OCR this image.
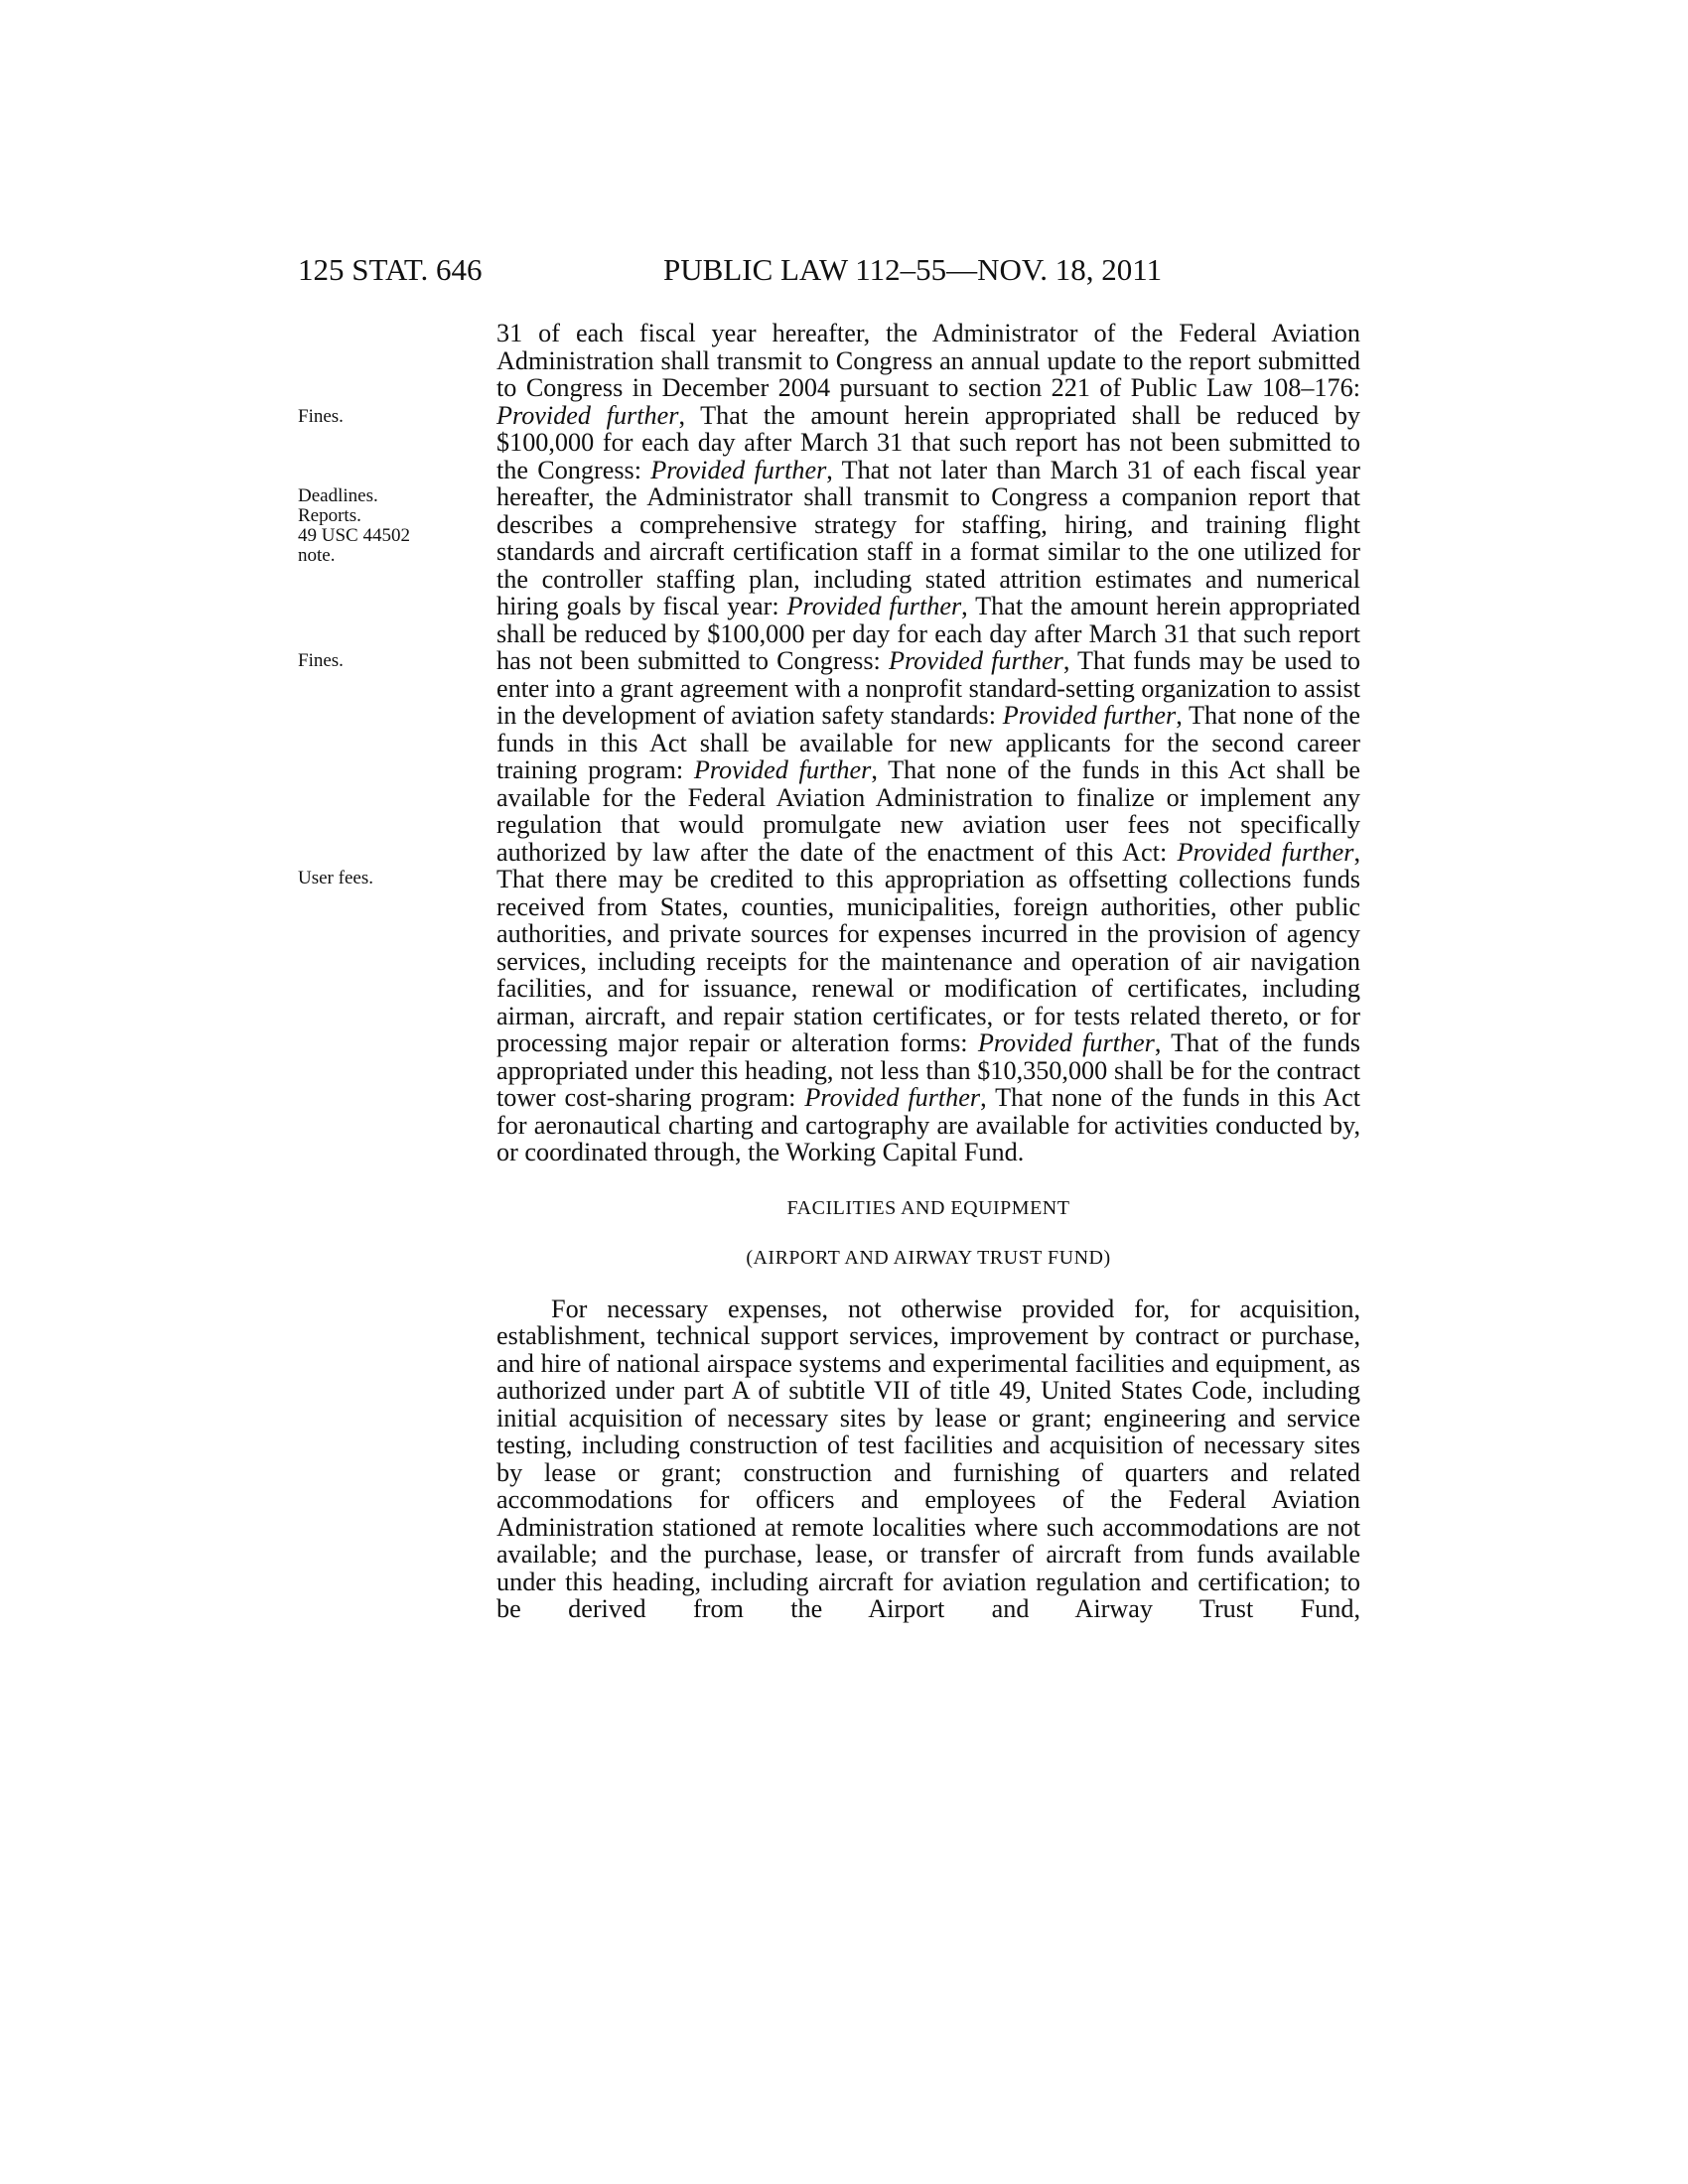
125 STAT. 646	PUBLIC LAW 112–55—NOV. 18, 2011
Fines.
Deadlines.
Reports.
49 USC 44502
note.
Fines.
User fees.

31 of each fiscal year hereafter, the Administrator of the Federal Aviation Administration shall transmit to Congress an annual update to the report submitted to Congress in December 2004 pursuant to section 221 of Public Law 108–176: Provided further, That the amount herein appropriated shall be reduced by $100,000 for each day after March 31 that such report has not been submitted to the Congress: Provided further, That not later than March 31 of each fiscal year hereafter, the Administrator shall transmit to Congress a companion report that describes a comprehensive strategy for staffing, hiring, and training flight standards and aircraft certification staff in a format similar to the one utilized for the controller staffing plan, including stated attrition estimates and numerical hiring goals by fiscal year: Provided further, That the amount herein appropriated shall be reduced by $100,000 per day for each day after March 31 that such report has not been submitted to Congress: Provided further, That funds may be used to enter into a grant agreement with a nonprofit standard-setting organization to assist in the development of aviation safety standards: Provided further, That none of the funds in this Act shall be available for new applicants for the second career training program: Provided further, That none of the funds in this Act shall be available for the Federal Aviation Administration to finalize or implement any regulation that would promulgate new aviation user fees not specifically authorized by law after the date of the enactment of this Act: Provided further, That there may be credited to this appropriation as offsetting collections funds received from States, counties, municipalities, foreign authorities, other public authorities, and private sources for expenses incurred in the provision of agency services, including receipts for the maintenance and operation of air navigation facilities, and for issuance, renewal or modification of certificates, including airman, aircraft, and repair station certificates, or for tests related thereto, or for processing major repair or alteration forms: Provided further, That of the funds appropriated under this heading, not less than $10,350,000 shall be for the contract tower cost-sharing program: Provided further, That none of the funds in this Act for aeronautical charting and cartography are available for activities conducted by, or coordinated through, the Working Capital Fund.

FACILITIES AND EQUIPMENT
(AIRPORT AND AIRWAY TRUST FUND)

For necessary expenses, not otherwise provided for, for acquisition, establishment, technical support services, improvement by contract or purchase, and hire of national airspace systems and experimental facilities and equipment, as authorized under part A of subtitle VII of title 49, United States Code, including initial acquisition of necessary sites by lease or grant; engineering and service testing, including construction of test facilities and acquisition of necessary sites by lease or grant; construction and furnishing of quarters and related accommodations for officers and employees of the Federal Aviation Administration stationed at remote localities where such accommodations are not available; and the purchase, lease, or transfer of aircraft from funds available under this heading, including aircraft for aviation regulation and certification; to be derived from the Airport and Airway Trust Fund,
